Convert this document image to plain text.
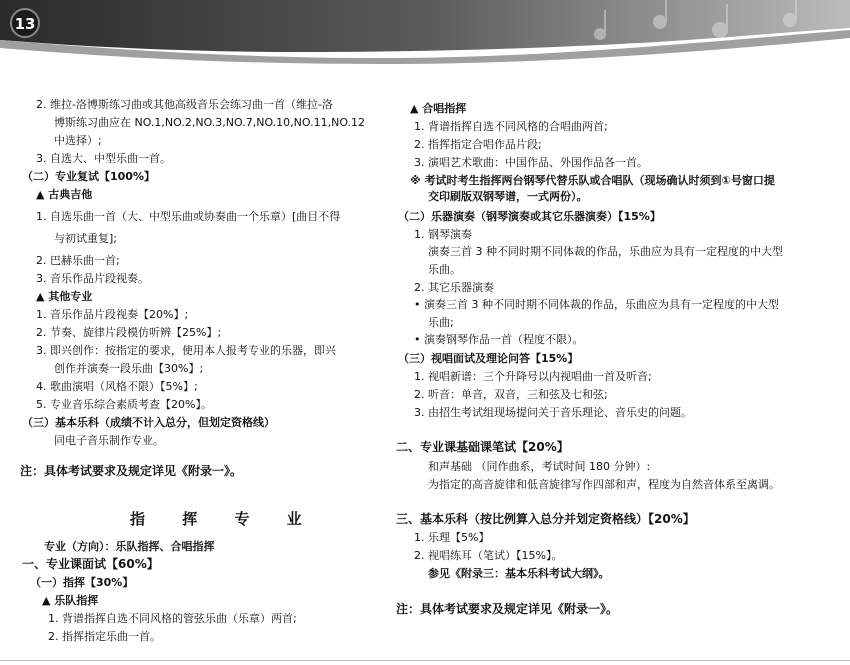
13
2. 维拉-洛博斯练习曲或其他高级音乐会练习曲一首（维拉-洛
博斯练习曲应在 NO.1,NO.2,NO.3,NO.7,NO.10,NO.11,NO.12
中选择）;
3. 自选大、中型乐曲一首。
（二）专业复试【100%】
▲ 古典吉他
1. 自选乐曲一首（大、中型乐曲或协奏曲一个乐章）[曲目不得
与初试重复];
2. 巴赫乐曲一首;
3. 音乐作品片段视奏。
▲ 其他专业
1. 音乐作品片段视奏【20%】;
2. 节奏、旋律片段模仿听辨【25%】;
3. 即兴创作：按指定的要求，使用本人报考专业的乐器，即兴
创作并演奏一段乐曲【30%】;
4. 歌曲演唱（风格不限）【5%】;
5. 专业音乐综合素质考查【20%】。
（三）基本乐科（成绩不计入总分，但划定资格线）
同电子音乐制作专业。
注：具体考试要求及规定详见《附录一》。
指 挥 专 业
专业（方向）：乐队指挥、合唱指挥
一、专业课面试【60%】
（一）指挥【30%】
▲ 乐队指挥
1. 背谱指挥自选不同风格的管弦乐曲（乐章）两首;
2. 指挥指定乐曲一首。
▲ 合唱指挥
1. 背谱指挥自选不同风格的合唱曲两首;
2. 指挥指定合唱作品片段;
3. 演唱艺术歌曲：中国作品、外国作品各一首。
※ 考试时考生指挥两台钢琴代替乐队或合唱队（现场确认时须到①号窗口提
交印刷版双钢琴谱，一式两份）。
（二）乐器演奏（钢琴演奏或其它乐器演奏）【15%】
1. 钢琴演奏
演奏三首 3 种不同时期不同体裁的作品，乐曲应为具有一定程度的中大型
乐曲。
2. 其它乐器演奏
• 演奏三首 3 种不同时期不同体裁的作品，乐曲应为具有一定程度的中大型
乐曲;
• 演奏钢琴作品一首（程度不限）。
（三）视唱面试及理论问答【15%】
1. 视唱新谱：三个升降号以内视唱曲一首及听音;
2. 听音：单音，双音，三和弦及七和弦;
3. 由招生考试组现场提问关于音乐理论、音乐史的问题。
二、专业课基础课笔试【20%】
和声基础 （同作曲系，考试时间 180 分钟）:
为指定的高音旋律和低音旋律写作四部和声，程度为自然音体系至离调。
三、基本乐科（按比例算入总分并划定资格线）【20%】
1. 乐理【5%】
2. 视唱练耳（笔试）【15%】。
参见《附录三：基本乐科考试大纲》。
注：具体考试要求及规定详见《附录一》。
